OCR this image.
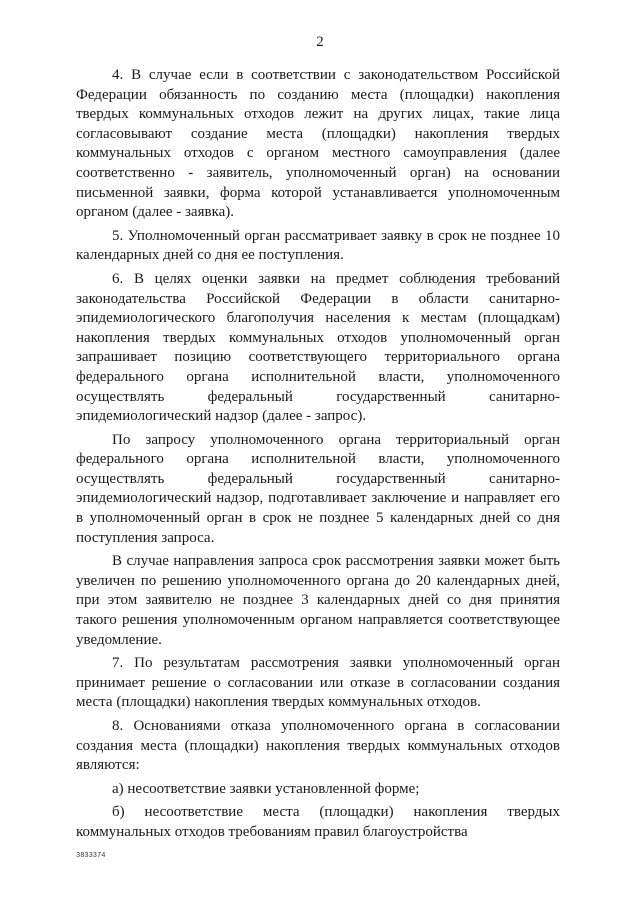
2

4. В случае если в соответствии с законодательством Российской Федерации обязанность по созданию места (площадки) накопления твердых коммунальных отходов лежит на других лицах, такие лица согласовывают создание места (площадки) накопления твердых коммунальных отходов с органом местного самоуправления (далее соответственно - заявитель, уполномоченный орган) на основании письменной заявки, форма которой устанавливается уполномоченным органом (далее - заявка).

5. Уполномоченный орган рассматривает заявку в срок не позднее 10 календарных дней со дня ее поступления.

6. В целях оценки заявки на предмет соблюдения требований законодательства Российской Федерации в области санитарно-эпидемиологического благополучия населения к местам (площадкам) накопления твердых коммунальных отходов уполномоченный орган запрашивает позицию соответствующего территориального органа федерального органа исполнительной власти, уполномоченного осуществлять федеральный государственный санитарно-эпидемиологический надзор (далее - запрос).

По запросу уполномоченного органа территориальный орган федерального органа исполнительной власти, уполномоченного осуществлять федеральный государственный санитарно-эпидемиологический надзор, подготавливает заключение и направляет его в уполномоченный орган в срок не позднее 5 календарных дней со дня поступления запроса.

В случае направления запроса срок рассмотрения заявки может быть увеличен по решению уполномоченного органа до 20 календарных дней, при этом заявителю не позднее 3 календарных дней со дня принятия такого решения уполномоченным органом направляется соответствующее уведомление.

7. По результатам рассмотрения заявки уполномоченный орган принимает решение о согласовании или отказе в согласовании создания места (площадки) накопления твердых коммунальных отходов.

8. Основаниями отказа уполномоченного органа в согласовании создания места (площадки) накопления твердых коммунальных отходов являются:

а) несоответствие заявки установленной форме;

б) несоответствие места (площадки) накопления твердых коммунальных отходов требованиям правил благоустройства

3833374
